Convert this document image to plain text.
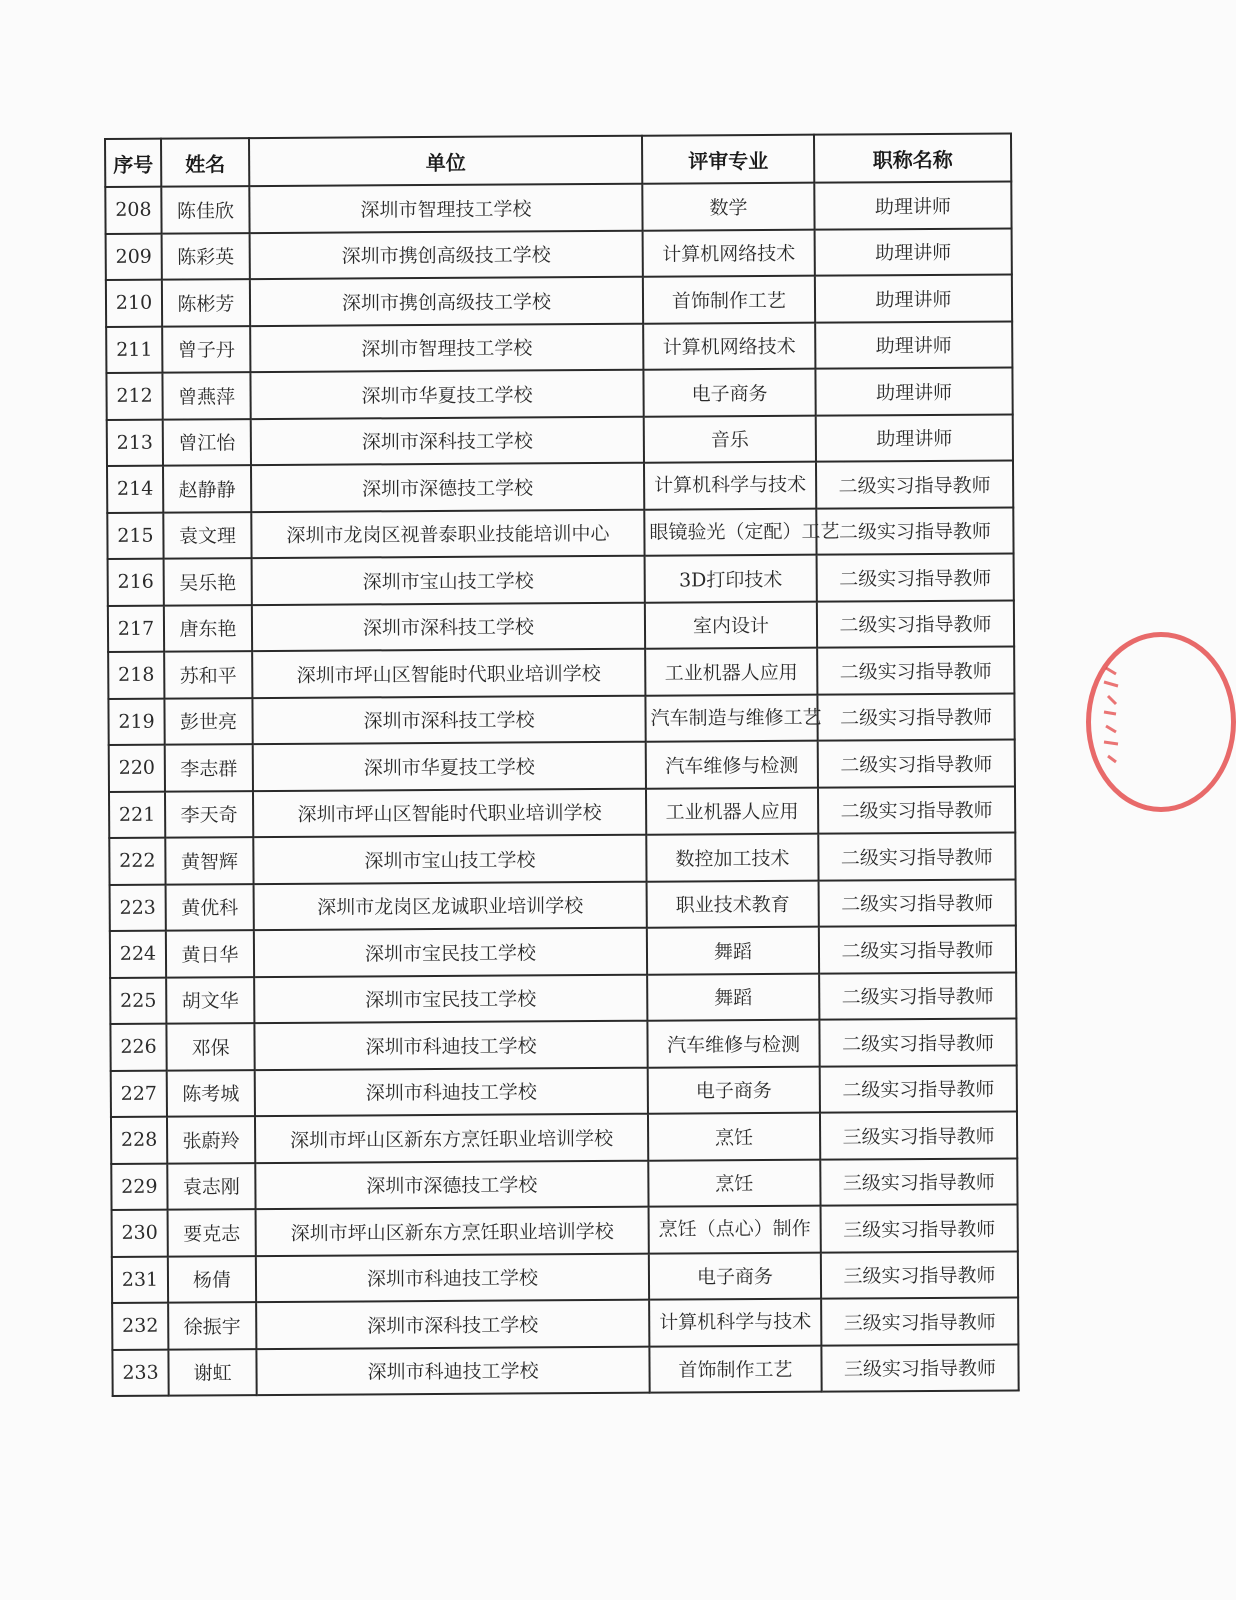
序号	姓名	单位	评审专业	职称名称
208	陈佳欣	深圳市智理技工学校	数学	助理讲师
209	陈彩英	深圳市携创高级技工学校	计算机网络技术	助理讲师
210	陈彬芳	深圳市携创高级技工学校	首饰制作工艺	助理讲师
211	曾子丹	深圳市智理技工学校	计算机网络技术	助理讲师
212	曾燕萍	深圳市华夏技工学校	电子商务	助理讲师
213	曾江怡	深圳市深科技工学校	音乐	助理讲师
214	赵静静	深圳市深德技工学校	计算机科学与技术	二级实习指导教师
215	袁文理	深圳市龙岗区视普泰职业技能培训中心	眼镜验光（定配）工艺	二级实习指导教师
216	吴乐艳	深圳市宝山技工学校	3D打印技术	二级实习指导教师
217	唐东艳	深圳市深科技工学校	室内设计	二级实习指导教师
218	苏和平	深圳市坪山区智能时代职业培训学校	工业机器人应用	二级实习指导教师
219	彭世亮	深圳市深科技工学校	汽车制造与维修工艺	二级实习指导教师
220	李志群	深圳市华夏技工学校	汽车维修与检测	二级实习指导教师
221	李天奇	深圳市坪山区智能时代职业培训学校	工业机器人应用	二级实习指导教师
222	黄智辉	深圳市宝山技工学校	数控加工技术	二级实习指导教师
223	黄优科	深圳市龙岗区龙诚职业培训学校	职业技术教育	二级实习指导教师
224	黄日华	深圳市宝民技工学校	舞蹈	二级实习指导教师
225	胡文华	深圳市宝民技工学校	舞蹈	二级实习指导教师
226	邓保	深圳市科迪技工学校	汽车维修与检测	二级实习指导教师
227	陈考城	深圳市科迪技工学校	电子商务	二级实习指导教师
228	张蔚羚	深圳市坪山区新东方烹饪职业培训学校	烹饪	三级实习指导教师
229	袁志刚	深圳市深德技工学校	烹饪	三级实习指导教师
230	要克志	深圳市坪山区新东方烹饪职业培训学校	烹饪（点心）制作	三级实习指导教师
231	杨倩	深圳市科迪技工学校	电子商务	三级实习指导教师
232	徐振宇	深圳市深科技工学校	计算机科学与技术	三级实习指导教师
233	谢虹	深圳市科迪技工学校	首饰制作工艺	三级实习指导教师
